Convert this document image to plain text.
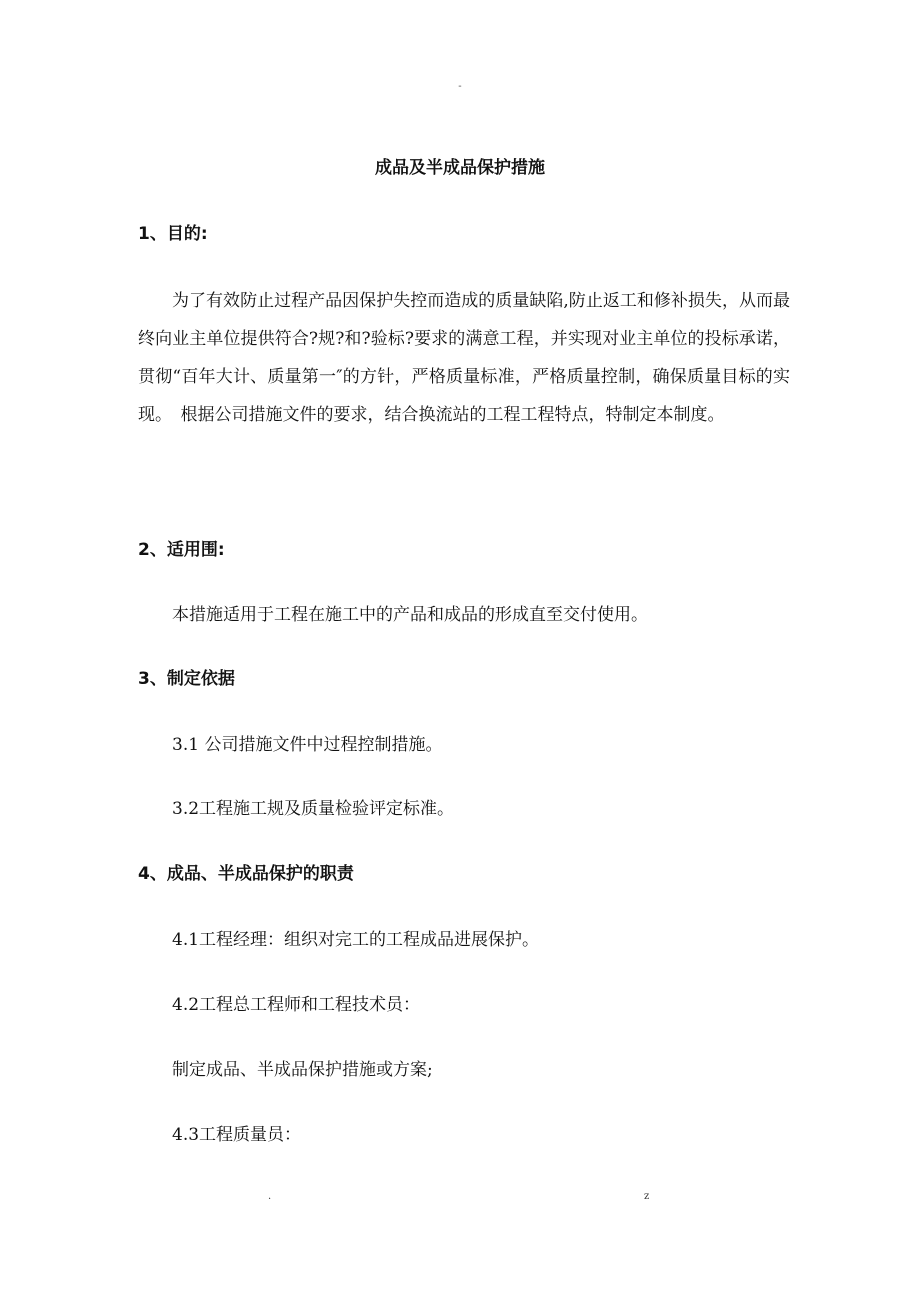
-
成品及半成品保护措施
1、目的:
为了有效防止过程产品因保护失控而造成的质量缺陷,防止返工和修补损失，从而最终向业主单位提供符合?规?和?验标?要求的满意工程，并实现对业主单位的投标承诺，贯彻“百年大计、质量第一″的方针，严格质量标准，严格质量控制，确保质量目标的实现。　根据公司措施文件的要求，结合换流站的工程工程特点，特制定本制度。
2、适用围:
本措施适用于工程在施工中的产品和成品的形成直至交付使用。
3、制定依据
3.1 公司措施文件中过程控制措施。
3.2工程施工规及质量检验评定标准。
4、成品、半成品保护的职责
4.1工程经理：组织对完工的工程成品进展保护。
4.2工程总工程师和工程技术员：
制定成品、半成品保护措施或方案;
4.3工程质量员：
.	z
